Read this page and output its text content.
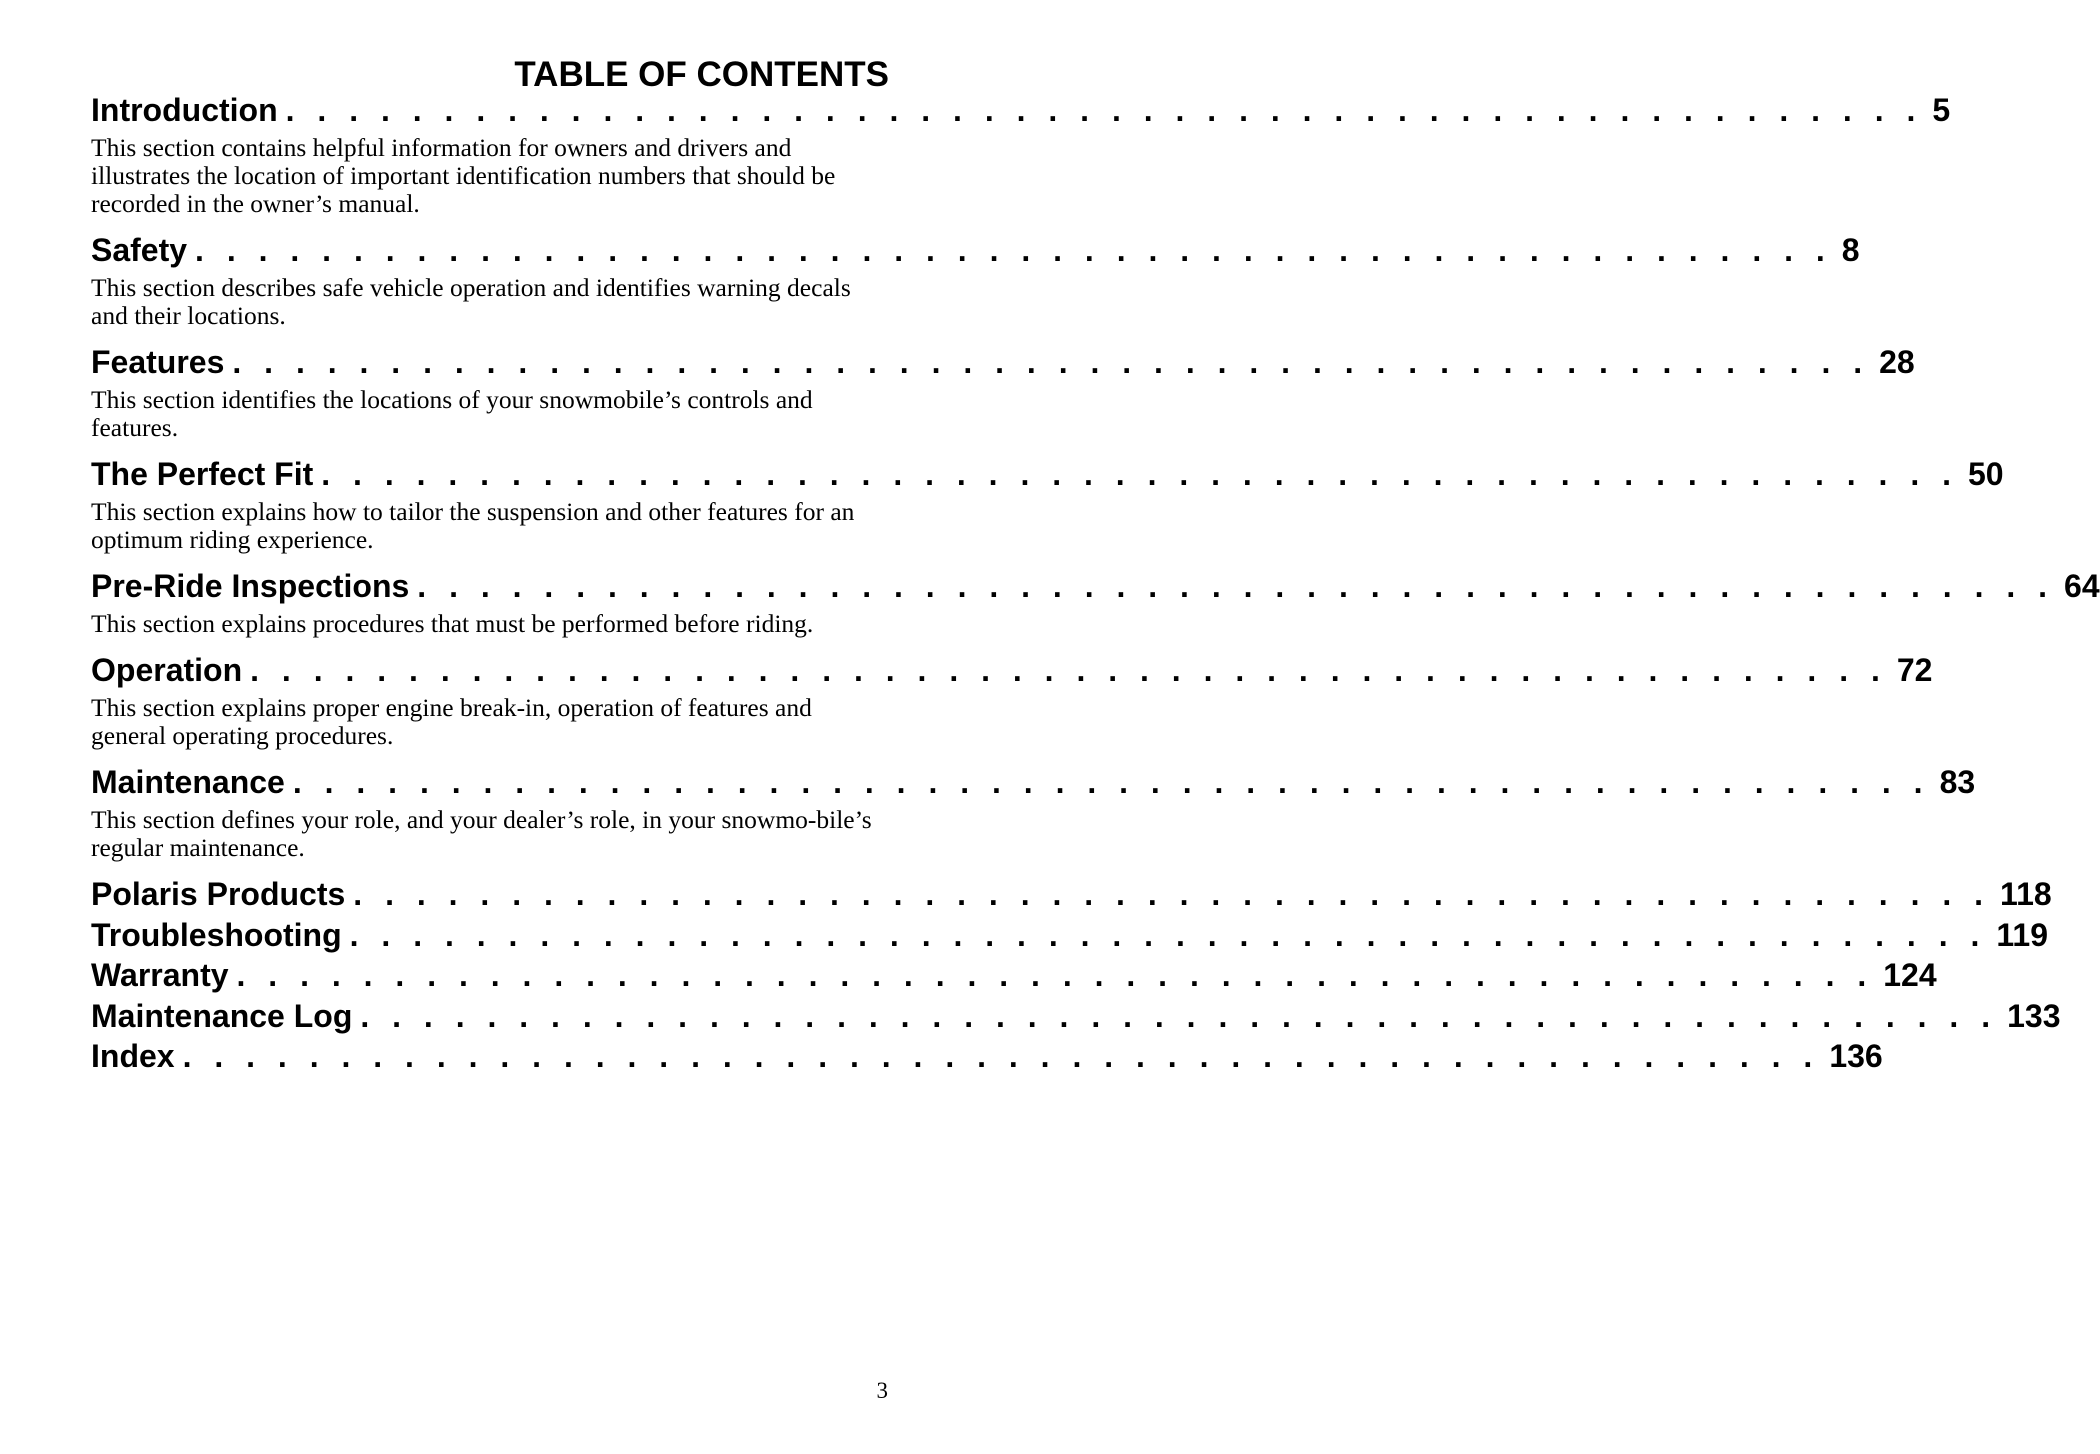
TABLE OF CONTENTS
Introduction . . . . . . . . . . . . . . . . . . . . . . . . . . . . . . . . . . . . . . . . . . . . . . . . . . . . 5

This section contains helpful information for owners and drivers and illustrates the location of important identification numbers that should be recorded in the owner’s manual.

Safety . . . . . . . . . . . . . . . . . . . . . . . . . . . . . . . . . . . . . . . . . . . . . . . . . . . . 8

This section describes safe vehicle operation and identifies warning decals and their locations.

Features . . . . . . . . . . . . . . . . . . . . . . . . . . . . . . . . . . . . . . . . . . . . . . . . . . . . 28

This section identifies the locations of your snowmobile’s controls and features.

The Perfect Fit . . . . . . . . . . . . . . . . . . . . . . . . . . . . . . . . . . . . . . . . . . . . . . . . . . . . 50

This section explains how to tailor the suspension and other features for an optimum riding experience.

Pre-Ride Inspections . . . . . . . . . . . . . . . . . . . . . . . . . . . . . . . . . . . . . . . . . . . . . . . . . . . . 64

This section explains procedures that must be performed before riding.

Operation . . . . . . . . . . . . . . . . . . . . . . . . . . . . . . . . . . . . . . . . . . . . . . . . . . . . 72

This section explains proper engine break-in, operation of features and general operating procedures.

Maintenance . . . . . . . . . . . . . . . . . . . . . . . . . . . . . . . . . . . . . . . . . . . . . . . . . . . . 83

This section defines your role, and your dealer’s role, in your snowmo-bile’s regular maintenance.

Polaris Products . . . . . . . . . . . . . . . . . . . . . . . . . . . . . . . . . . . . . . . . . . . . . . . . . . . . 118
Troubleshooting . . . . . . . . . . . . . . . . . . . . . . . . . . . . . . . . . . . . . . . . . . . . . . . . . . . . 119
Warranty . . . . . . . . . . . . . . . . . . . . . . . . . . . . . . . . . . . . . . . . . . . . . . . . . . . . 124
Maintenance Log . . . . . . . . . . . . . . . . . . . . . . . . . . . . . . . . . . . . . . . . . . . . . . . . . . . . 133
Index . . . . . . . . . . . . . . . . . . . . . . . . . . . . . . . . . . . . . . . . . . . . . . . . . . . . 136
3
